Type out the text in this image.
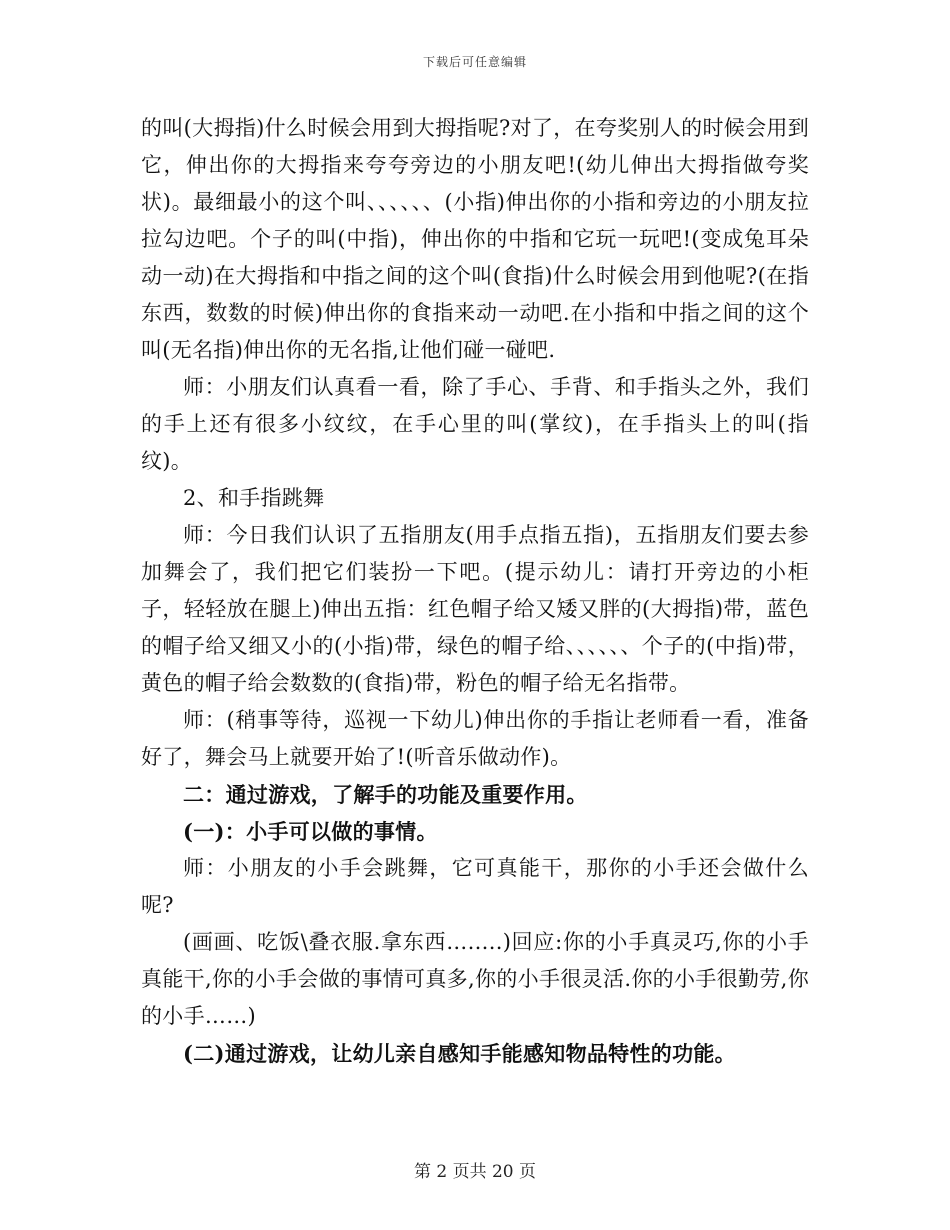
下载后可任意编辑

的叫(大拇指)什么时候会用到大拇指呢?对了，在夸奖别人的时候会用到它，伸出你的大拇指来夸夸旁边的小朋友吧!(幼儿伸出大拇指做夸奖状)。最细最小的这个叫、、、、、、(小指)伸出你的小指和旁边的小朋友拉拉勾边吧。个子的叫(中指)，伸出你的中指和它玩一玩吧!(变成兔耳朵动一动)在大拇指和中指之间的这个叫(食指)什么时候会用到他呢?(在指东西，数数的时候)伸出你的食指来动一动吧.在小指和中指之间的这个叫(无名指)伸出你的无名指,让他们碰一碰吧.

师：小朋友们认真看一看，除了手心、手背、和手指头之外，我们的手上还有很多小纹纹，在手心里的叫(掌纹)，在手指头上的叫(指纹)。

2、和手指跳舞

师：今日我们认识了五指朋友(用手点指五指)，五指朋友们要去参加舞会了，我们把它们装扮一下吧。(提示幼儿：请打开旁边的小柜子，轻轻放在腿上)伸出五指：红色帽子给又矮又胖的(大拇指)带，蓝色的帽子给又细又小的(小指)带，绿色的帽子给、、、、、、个子的(中指)带，黄色的帽子给会数数的(食指)带，粉色的帽子给无名指带。

师：(稍事等待，巡视一下幼儿)伸出你的手指让老师看一看，准备好了，舞会马上就要开始了!(听音乐做动作)。

二：通过游戏，了解手的功能及重要作用。

(一)：小手可以做的事情。

师：小朋友的小手会跳舞，它可真能干，那你的小手还会做什么呢?

(画画、吃饭\叠衣服.拿东西……..)回应:你的小手真灵巧,你的小手真能干,你的小手会做的事情可真多,你的小手很灵活.你的小手很勤劳,你的小手……)

(二)通过游戏，让幼儿亲自感知手能感知物品特性的功能。

第 2 页共 20 页
